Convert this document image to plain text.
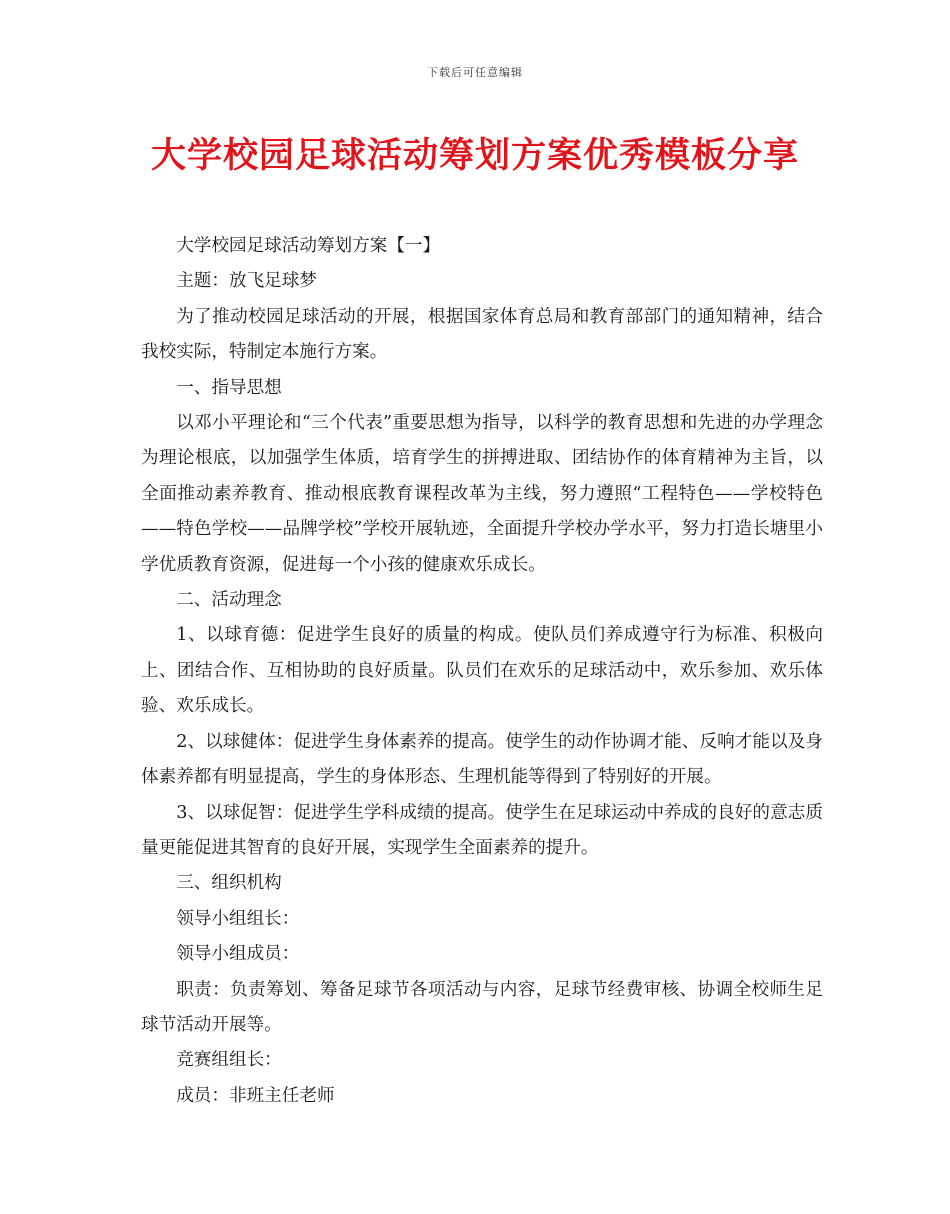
下载后可任意编辑
大学校园足球活动筹划方案优秀模板分享

大学校园足球活动筹划方案【一】

主题：放飞足球梦

为了推动校园足球活动的开展，根据国家体育总局和教育部部门的通知精神，结合我校实际，特制定本施行方案。

一、指导思想

以邓小平理论和“三个代表”重要思想为指导，以科学的教育思想和先进的办学理念为理论根底，以加强学生体质，培育学生的拼搏进取、团结协作的体育精神为主旨，以全面推动素养教育、推动根底教育课程改革为主线，努力遵照“工程特色——学校特色——特色学校——品牌学校”学校开展轨迹，全面提升学校办学水平，努力打造长塘里小学优质教育资源，促进每一个小孩的健康欢乐成长。

二、活动理念

1、以球育德：促进学生良好的质量的构成。使队员们养成遵守行为标准、积极向上、团结合作、互相协助的良好质量。队员们在欢乐的足球活动中，欢乐参加、欢乐体验、欢乐成长。

2、以球健体：促进学生身体素养的提高。使学生的动作协调才能、反响才能以及身体素养都有明显提高，学生的身体形态、生理机能等得到了特别好的开展。

3、以球促智：促进学生学科成绩的提高。使学生在足球运动中养成的良好的意志质量更能促进其智育的良好开展，实现学生全面素养的提升。

三、组织机构

领导小组组长：

领导小组成员：

职责：负责筹划、筹备足球节各项活动与内容，足球节经费审核、协调全校师生足球节活动开展等。

竞赛组组长：

成员：非班主任老师
